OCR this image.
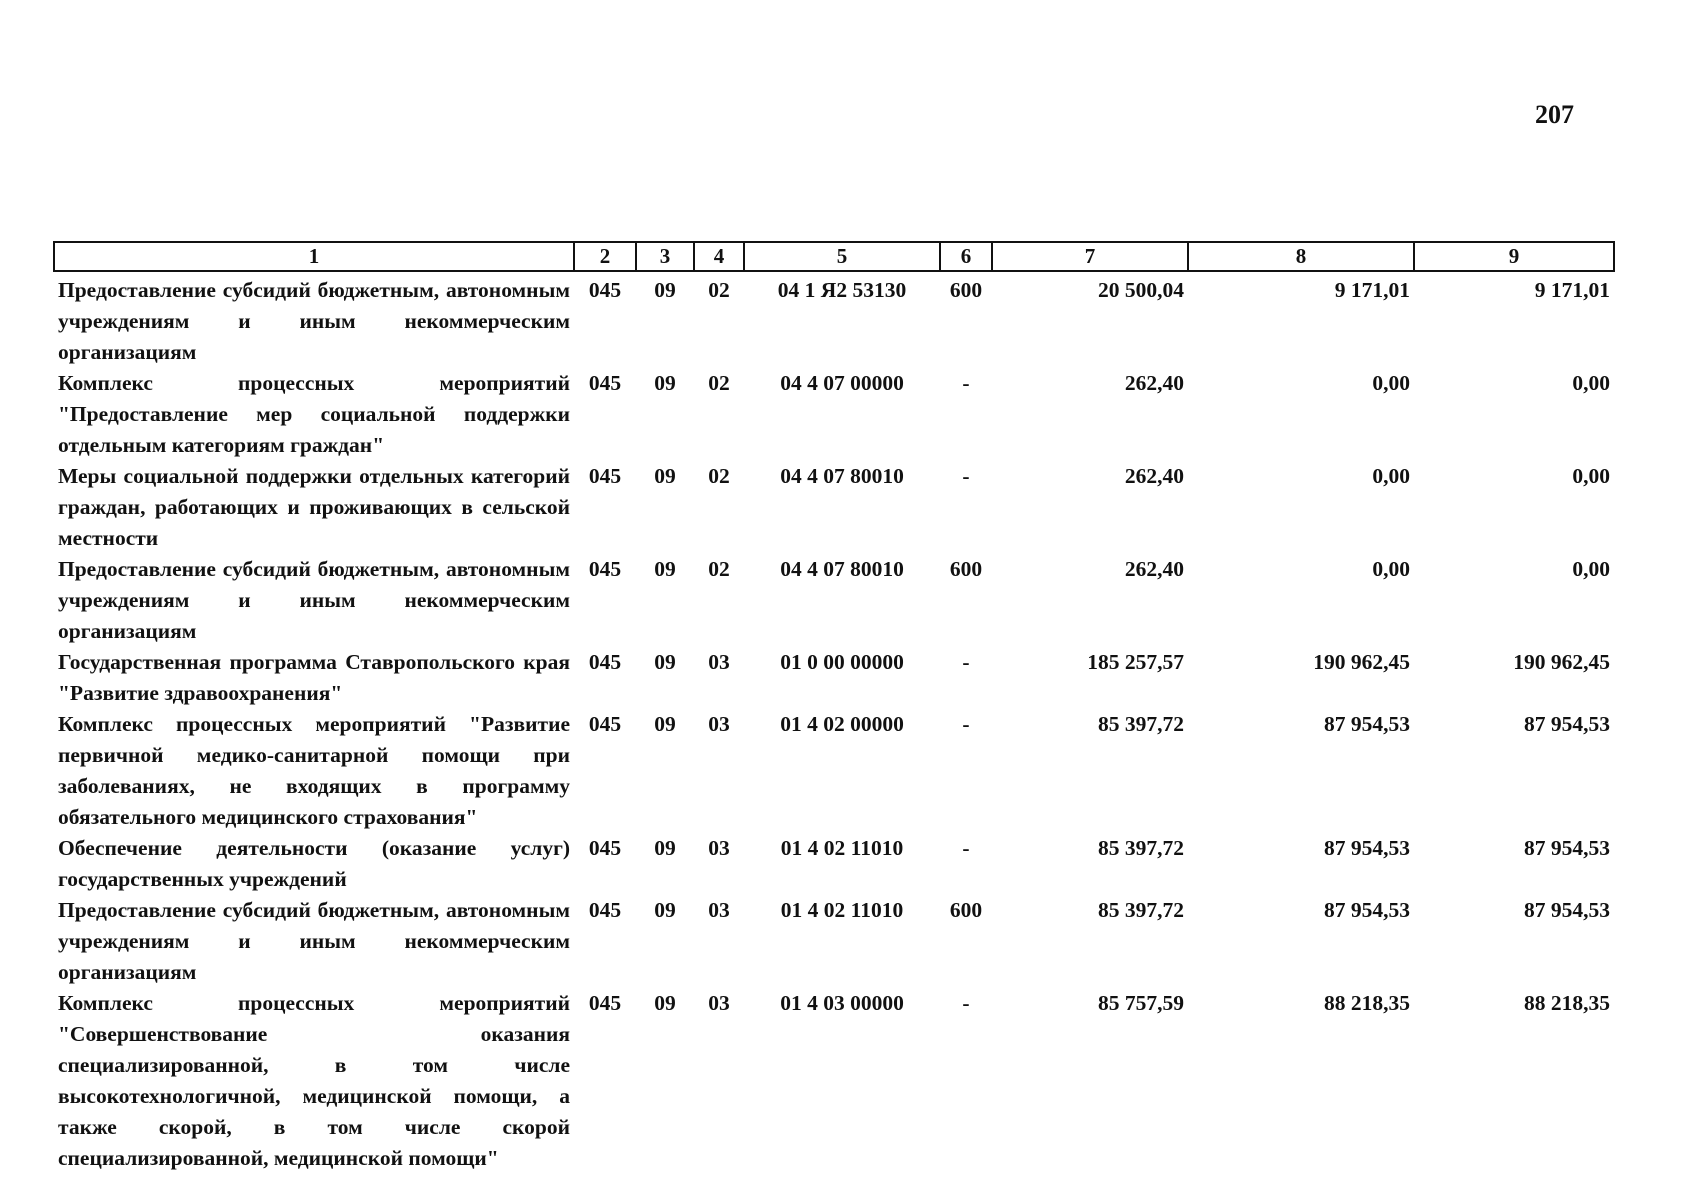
207
1	2	3	4	5	6	7	8	9
Предоставление субсидий бюджетным, автономным учреждениям и иным некоммерческим организациям	045	09	02	04 1 Я2 53130	600	20 500,04	9 171,01	9 171,01
Комплекс процессных мероприятий "Предоставление мер социальной поддержки отдельным категориям граждан"	045	09	02	04 4 07 00000	-	262,40	0,00	0,00
Меры социальной поддержки отдельных категорий граждан, работающих и проживающих в сельской местности	045	09	02	04 4 07 80010	-	262,40	0,00	0,00
Предоставление субсидий бюджетным, автономным учреждениям и иным некоммерческим организациям	045	09	02	04 4 07 80010	600	262,40	0,00	0,00
Государственная программа Ставропольского края "Развитие здравоохранения"	045	09	03	01 0 00 00000	-	185 257,57	190 962,45	190 962,45
Комплекс процессных мероприятий "Развитие первичной медико-санитарной помощи при заболеваниях, не входящих в программу обязательного медицинского страхования"	045	09	03	01 4 02 00000	-	85 397,72	87 954,53	87 954,53
Обеспечение деятельности (оказание услуг) государственных учреждений	045	09	03	01 4 02 11010	-	85 397,72	87 954,53	87 954,53
Предоставление субсидий бюджетным, автономным учреждениям и иным некоммерческим организациям	045	09	03	01 4 02 11010	600	85 397,72	87 954,53	87 954,53
Комплекс процессных мероприятий "Совершенствование оказания специализированной, в том числе высокотехнологичной, медицинской помощи, а также скорой, в том числе скорой специализированной, медицинской помощи"	045	09	03	01 4 03 00000	-	85 757,59	88 218,35	88 218,35
